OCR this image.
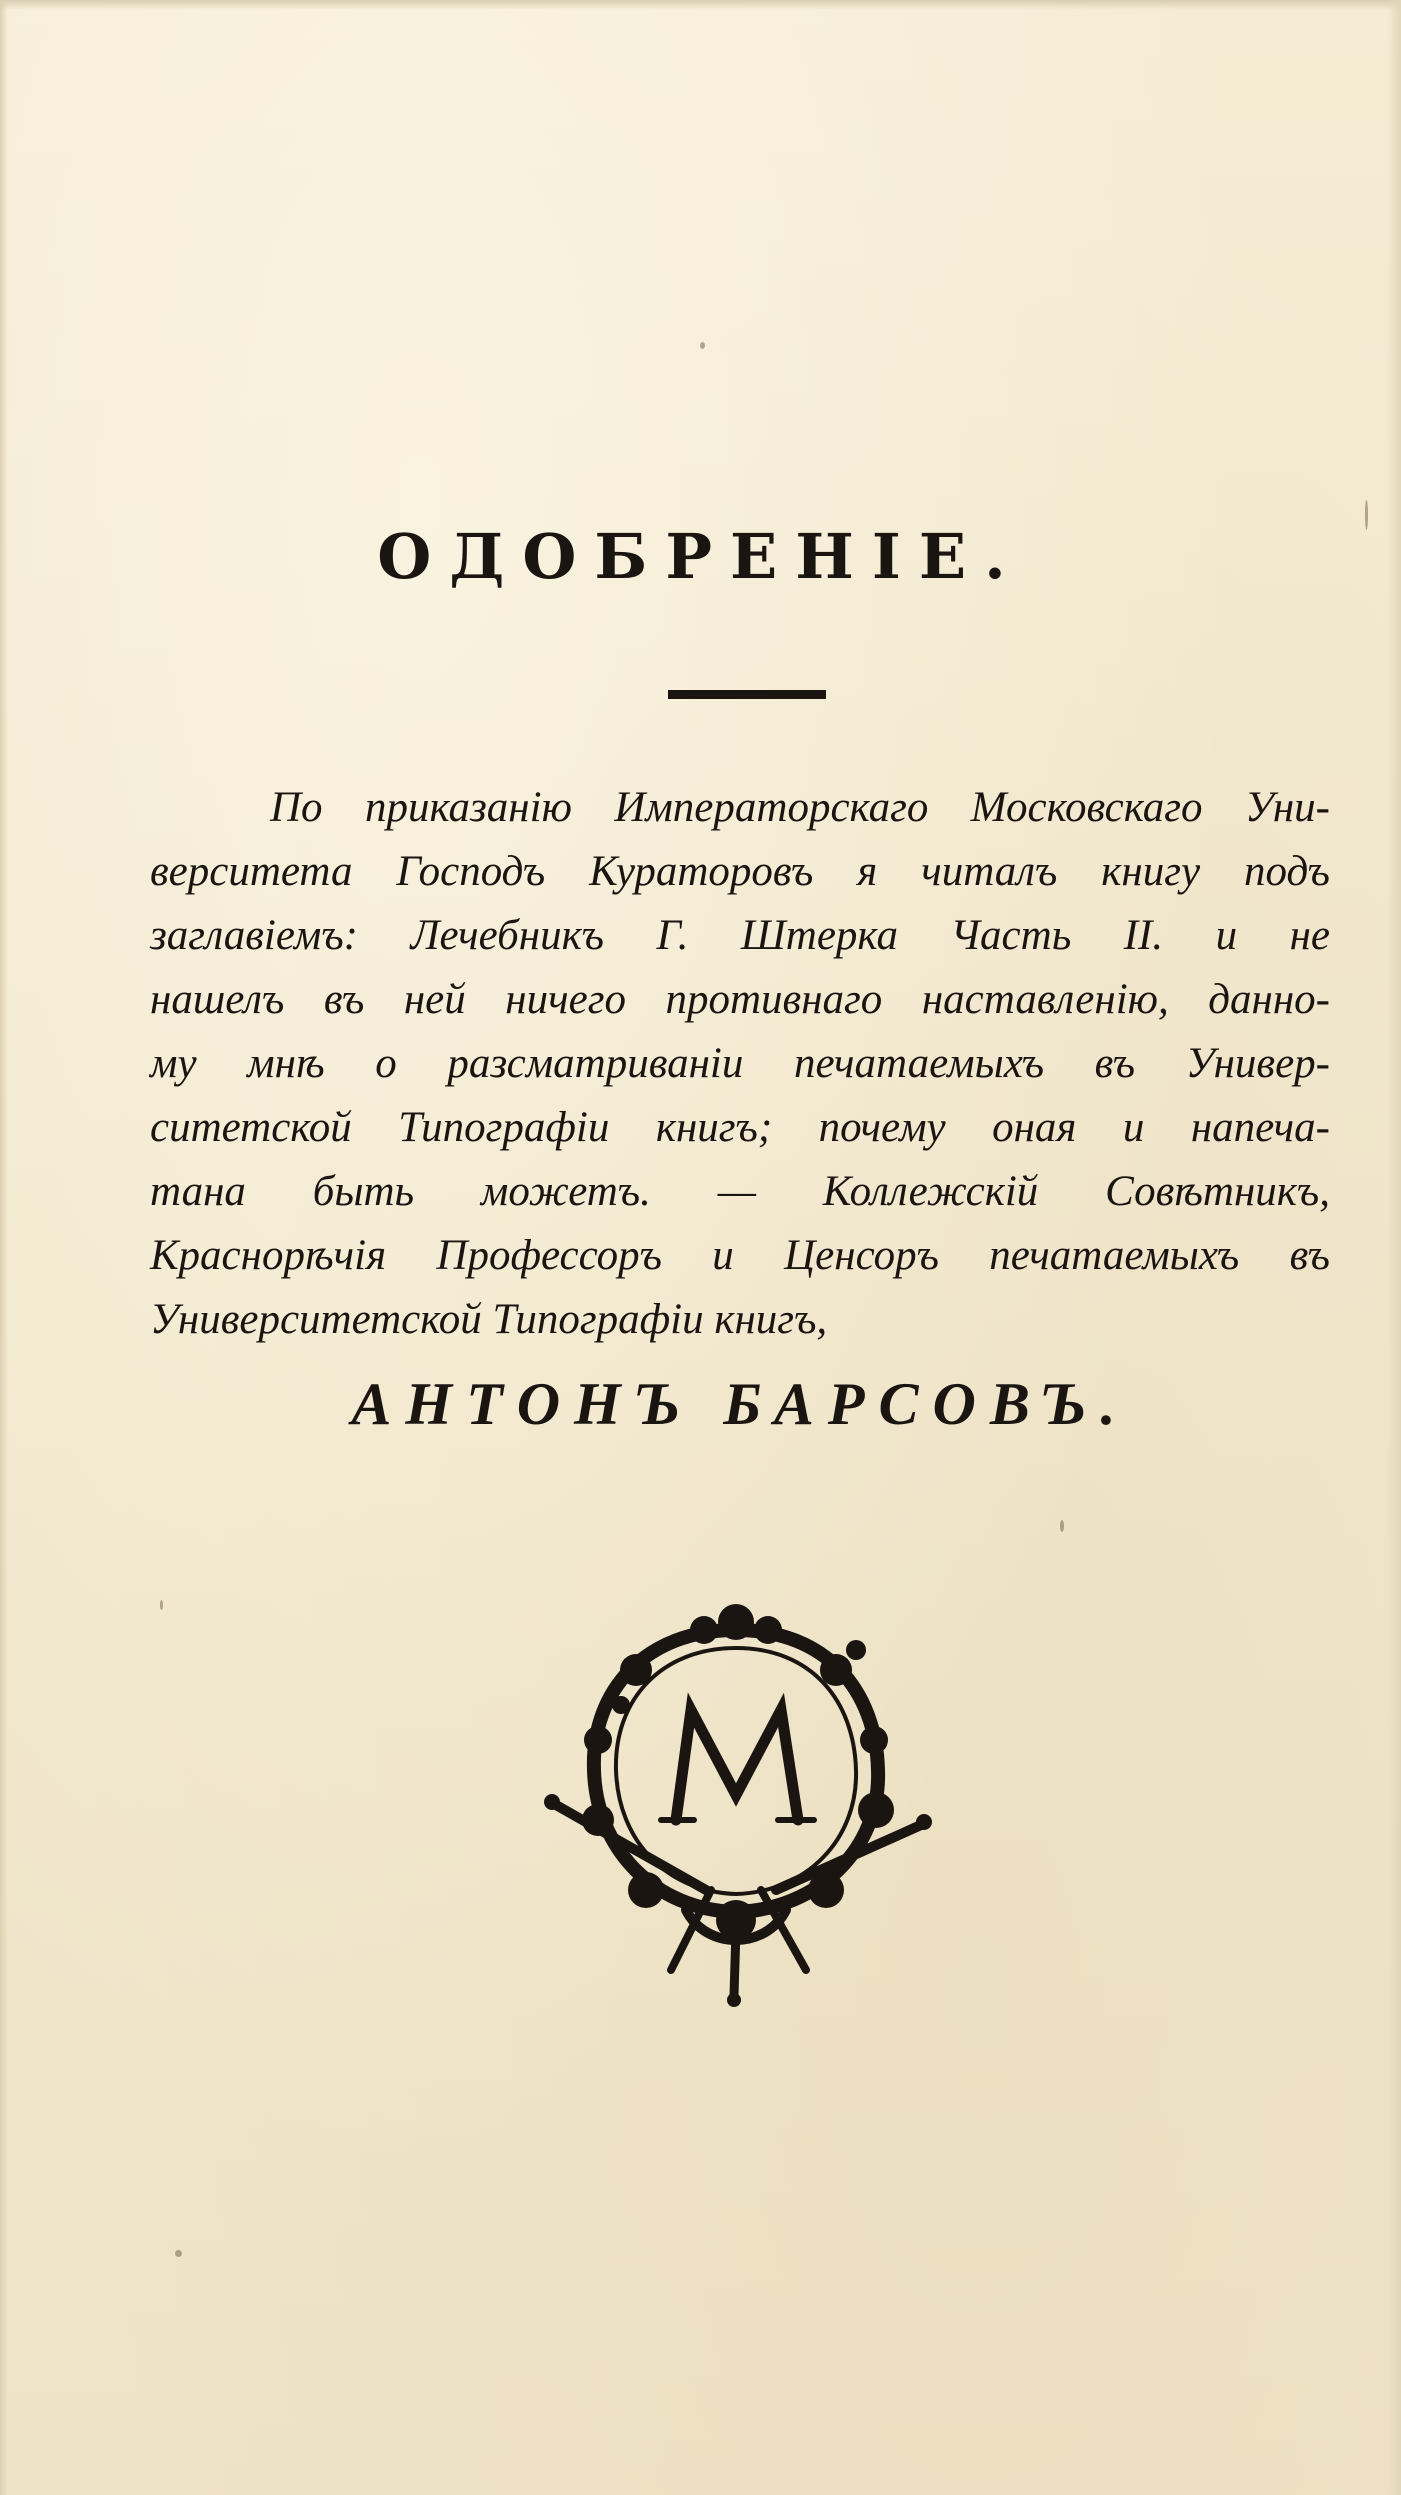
ОДОБРЕНІЕ.
По приказанію Императорскаго Московскаго Уни-
верситета Господъ Кураторовъ я читалъ книгу подъ
заглавіемъ: Лечебникъ Г. Штерка Часть II. и не
нашелъ въ ней ничего противнаго наставленію, данно-
му мнѣ о разсматриваніи печатаемыхъ въ Универ-
ситетской Типографіи книгъ; почему оная и напеча-
тана быть можетъ. — Коллежскій Совѣтникъ,
Краснорѣчія Профессоръ и Ценсоръ печатаемыхъ въ
Университетской Типографіи книгъ,
АНТОНЪ БАРСОВЪ.
M
